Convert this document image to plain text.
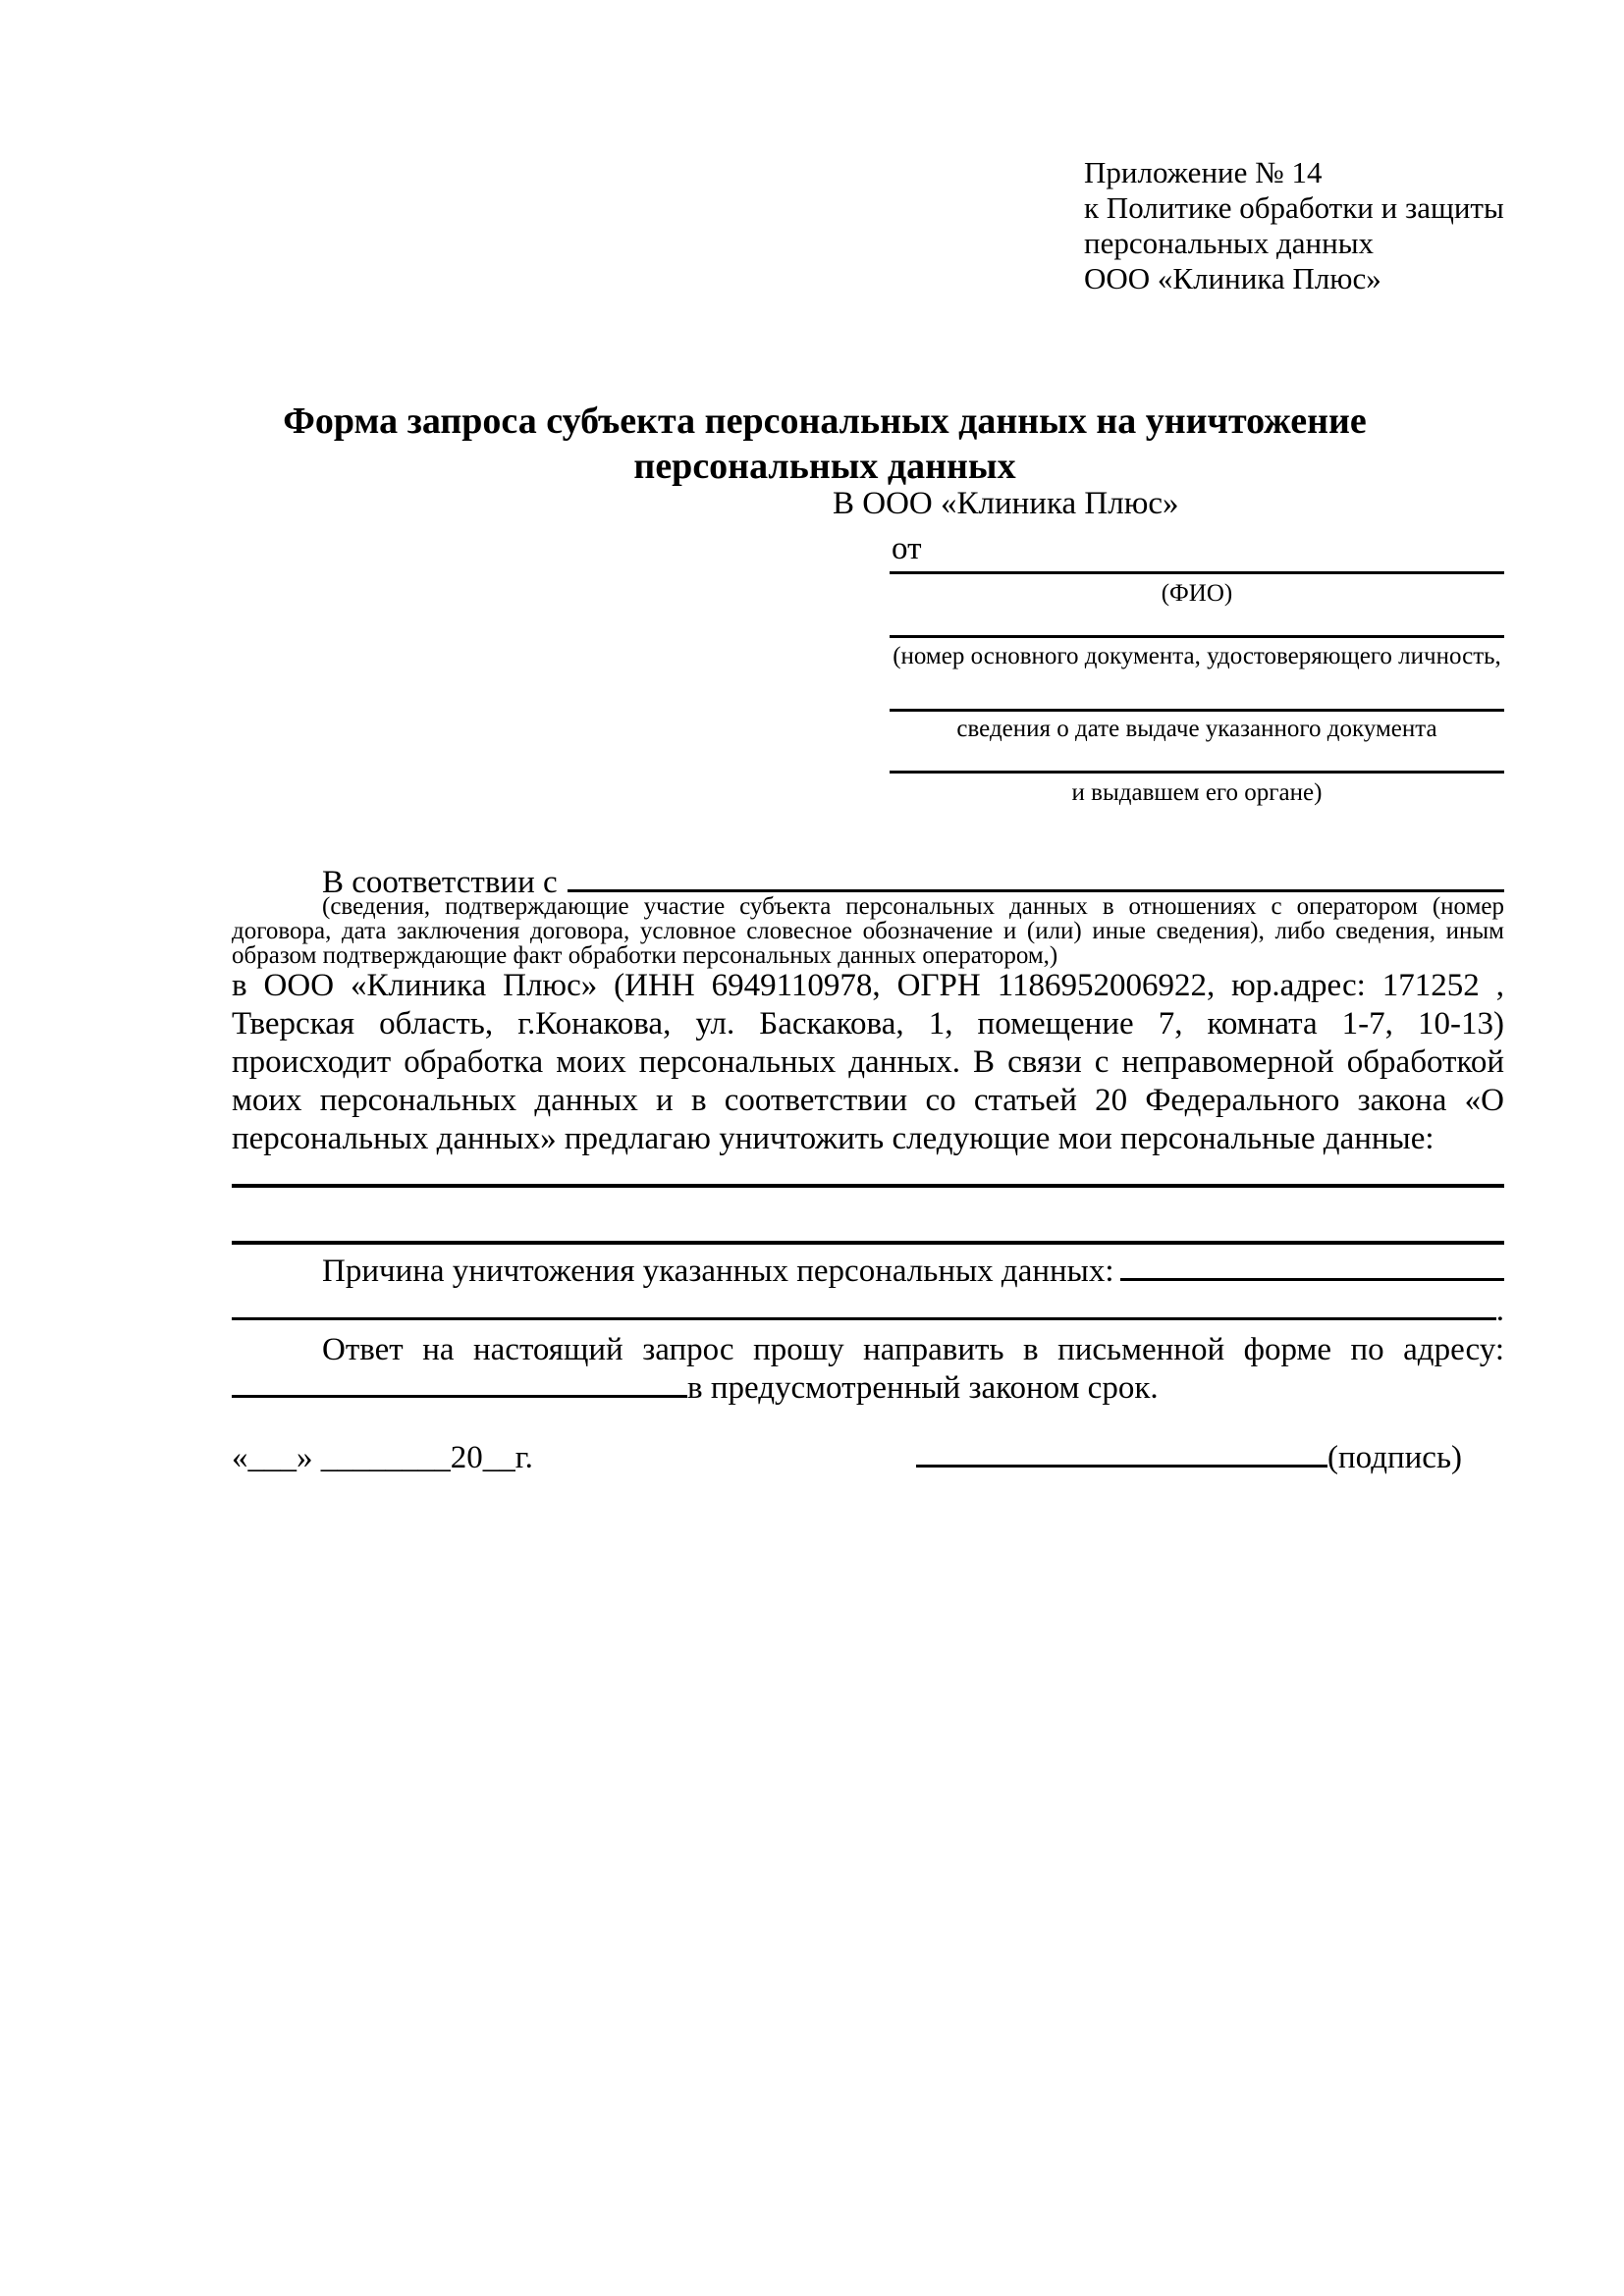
Приложение № 14
к Политике обработки и защиты персональных данных
ООО «Клиника Плюс»
Форма запроса субъекта персональных данных на уничтожение
персональных данных
В ООО «Клиника Плюс»
от
(ФИО)
(номер основного документа, удостоверяющего личность,
сведения о дате выдаче указанного документа
и выдавшем его органе)
В соответствии с
(сведения, подтверждающие участие субъекта персональных данных в отношениях с оператором (номер договора, дата заключения договора, условное словесное обозначение и (или) иные сведения), либо сведения, иным образом подтверждающие факт обработки персональных данных оператором,)
в ООО «Клиника Плюс» (ИНН 6949110978, ОГРН 1186952006922, юр.адрес: 171252 , Тверская область, г.Конакова, ул. Баскакова, 1, помещение 7, комната 1-7, 10-13) происходит обработка моих персональных данных. В связи с неправомерной обработкой моих персональных данных и в соответствии со статьей 20 Федерального закона «О персональных данных» предлагаю уничтожить следующие мои персональные данные:
Причина уничтожения указанных персональных данных:
.
Ответ на настоящий запрос прошу направить в письменной форме по адресу:
в предусмотренный законом срок.
«___» ________20__г.	(подпись)
